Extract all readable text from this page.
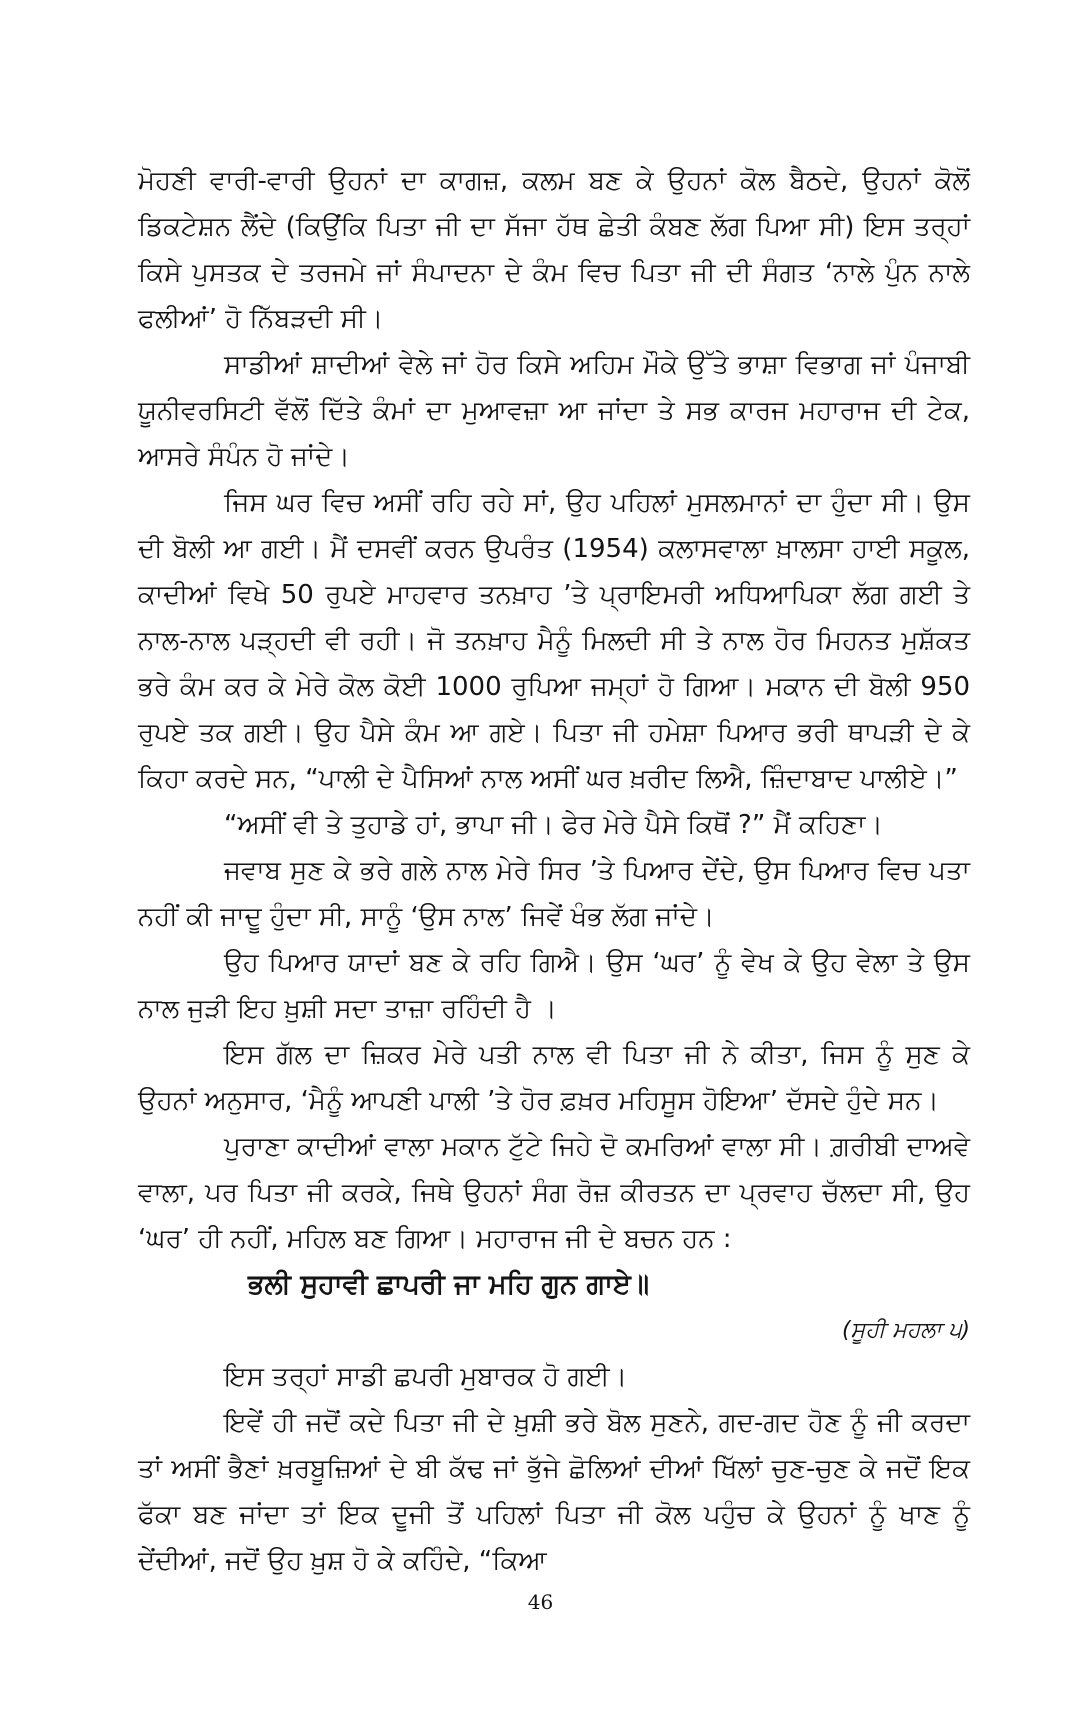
ਮੋਹਣੀ ਵਾਰੀ-ਵਾਰੀ ਉਹਨਾਂ ਦਾ ਕਾਗਜ਼, ਕਲਮ ਬਣ ਕੇ ਉਹਨਾਂ ਕੋਲ ਬੈਠਦੇ, ਉਹਨਾਂ ਕੋਲੋਂ ਡਿਕਟੇਸ਼ਨ ਲੈਂਦੇ (ਕਿਉਂਕਿ ਪਿਤਾ ਜੀ ਦਾ ਸੱਜਾ ਹੱਥ ਛੇਤੀ ਕੰਬਣ ਲੱਗ ਪਿਆ ਸੀ) ਇਸ ਤਰ੍ਹਾਂ ਕਿਸੇ ਪੁਸਤਕ ਦੇ ਤਰਜਮੇ ਜਾਂ ਸੰਪਾਦਨਾ ਦੇ ਕੰਮ ਵਿਚ ਪਿਤਾ ਜੀ ਦੀ ਸੰਗਤ ‘ਨਾਲੇ ਪੁੰਨ ਨਾਲੇ ਫਲੀਆਂ’ ਹੋ ਨਿੱਬੜਦੀ ਸੀ।

ਸਾਡੀਆਂ ਸ਼ਾਦੀਆਂ ਵੇਲੇ ਜਾਂ ਹੋਰ ਕਿਸੇ ਅਹਿਮ ਮੌਕੇ ਉੱਤੇ ਭਾਸ਼ਾ ਵਿਭਾਗ ਜਾਂ ਪੰਜਾਬੀ ਯੂਨੀਵਰਸਿਟੀ ਵੱਲੋਂ ਦਿੱਤੇ ਕੰਮਾਂ ਦਾ ਮੁਆਵਜ਼ਾ ਆ ਜਾਂਦਾ ਤੇ ਸਭ ਕਾਰਜ ਮਹਾਰਾਜ ਦੀ ਟੇਕ, ਆਸਰੇ ਸੰਪੰਨ ਹੋ ਜਾਂਦੇ।

ਜਿਸ ਘਰ ਵਿਚ ਅਸੀਂ ਰਹਿ ਰਹੇ ਸਾਂ, ਉਹ ਪਹਿਲਾਂ ਮੁਸਲਮਾਨਾਂ ਦਾ ਹੁੰਦਾ ਸੀ। ਉਸ ਦੀ ਬੋਲੀ ਆ ਗਈ। ਮੈਂ ਦਸਵੀਂ ਕਰਨ ਉਪਰੰਤ (1954) ਕਲਾਸਵਾਲਾ ਖ਼ਾਲਸਾ ਹਾਈ ਸਕੂਲ, ਕਾਦੀਆਂ ਵਿਖੇ 50 ਰੁਪਏ ਮਾਹਵਾਰ ਤਨਖ਼ਾਹ ’ਤੇ ਪ੍ਰਾਇਮਰੀ ਅਧਿਆਪਿਕਾ ਲੱਗ ਗਈ ਤੇ ਨਾਲ-ਨਾਲ ਪੜ੍ਹਦੀ ਵੀ ਰਹੀ। ਜੋ ਤਨਖ਼ਾਹ ਮੈਨੂੰ ਮਿਲਦੀ ਸੀ ਤੇ ਨਾਲ ਹੋਰ ਮਿਹਨਤ ਮੁਸ਼ੱਕਤ ਭਰੇ ਕੰਮ ਕਰ ਕੇ ਮੇਰੇ ਕੋਲ ਕੋਈ 1000 ਰੁਪਿਆ ਜਮ੍ਹਾਂ ਹੋ ਗਿਆ। ਮਕਾਨ ਦੀ ਬੋਲੀ 950 ਰੁਪਏ ਤਕ ਗਈ। ਉਹ ਪੈਸੇ ਕੰਮ ਆ ਗਏ। ਪਿਤਾ ਜੀ ਹਮੇਸ਼ਾ ਪਿਆਰ ਭਰੀ ਥਾਪੜੀ ਦੇ ਕੇ ਕਿਹਾ ਕਰਦੇ ਸਨ, “ਪਾਲੀ ਦੇ ਪੈਸਿਆਂ ਨਾਲ ਅਸੀਂ ਘਰ ਖ਼ਰੀਦ ਲਿਐ, ਜ਼ਿੰਦਾਬਾਦ ਪਾਲੀਏ।”

“ਅਸੀਂ ਵੀ ਤੇ ਤੁਹਾਡੇ ਹਾਂ, ਭਾਪਾ ਜੀ। ਫੇਰ ਮੇਰੇ ਪੈਸੇ ਕਿਥੋਂ ?” ਮੈਂ ਕਹਿਣਾ।

ਜਵਾਬ ਸੁਣ ਕੇ ਭਰੇ ਗਲੇ ਨਾਲ ਮੇਰੇ ਸਿਰ ’ਤੇ ਪਿਆਰ ਦੇਂਦੇ, ਉਸ ਪਿਆਰ ਵਿਚ ਪਤਾ ਨਹੀਂ ਕੀ ਜਾਦੂ ਹੁੰਦਾ ਸੀ, ਸਾਨੂੰ ‘ਉਸ ਨਾਲ’ ਜਿਵੇਂ ਖੰਭ ਲੱਗ ਜਾਂਦੇ।

ਉਹ ਪਿਆਰ ਯਾਦਾਂ ਬਣ ਕੇ ਰਹਿ ਗਿਐ। ਉਸ ‘ਘਰ’ ਨੂੰ ਵੇਖ ਕੇ ਉਹ ਵੇਲਾ ਤੇ ਉਸ ਨਾਲ ਜੁੜੀ ਇਹ ਖ਼ੁਸ਼ੀ ਸਦਾ ਤਾਜ਼ਾ ਰਹਿੰਦੀ ਹੈ ।

ਇਸ ਗੱਲ ਦਾ ਜ਼ਿਕਰ ਮੇਰੇ ਪਤੀ ਨਾਲ ਵੀ ਪਿਤਾ ਜੀ ਨੇ ਕੀਤਾ, ਜਿਸ ਨੂੰ ਸੁਣ ਕੇ ਉਹਨਾਂ ਅਨੁਸਾਰ, ‘ਮੈਨੂੰ ਆਪਣੀ ਪਾਲੀ ’ਤੇ ਹੋਰ ਫ਼ਖ਼ਰ ਮਹਿਸੂਸ ਹੋਇਆ’ ਦੱਸਦੇ ਹੁੰਦੇ ਸਨ।

ਪੁਰਾਣਾ ਕਾਦੀਆਂ ਵਾਲਾ ਮਕਾਨ ਟੁੱਟੇ ਜਿਹੇ ਦੋ ਕਮਰਿਆਂ ਵਾਲਾ ਸੀ। ਗ਼ਰੀਬੀ ਦਾਅਵੇ ਵਾਲਾ, ਪਰ ਪਿਤਾ ਜੀ ਕਰਕੇ, ਜਿਥੇ ਉਹਨਾਂ ਸੰਗ ਰੋਜ਼ ਕੀਰਤਨ ਦਾ ਪ੍ਰਵਾਹ ਚੱਲਦਾ ਸੀ, ਉਹ ‘ਘਰ’ ਹੀ ਨਹੀਂ, ਮਹਿਲ ਬਣ ਗਿਆ। ਮਹਾਰਾਜ ਜੀ ਦੇ ਬਚਨ ਹਨ :

ਭਲੀ ਸੁਹਾਵੀ ਛਾਪਰੀ ਜਾ ਮਹਿ ਗੁਨ ਗਾਏ॥

(ਸੂਹੀ ਮਹਲਾ ੫)

ਇਸ ਤਰ੍ਹਾਂ ਸਾਡੀ ਛਪਰੀ ਮੁਬਾਰਕ ਹੋ ਗਈ।

ਇਵੇਂ ਹੀ ਜਦੋਂ ਕਦੇ ਪਿਤਾ ਜੀ ਦੇ ਖ਼ੁਸ਼ੀ ਭਰੇ ਬੋਲ ਸੁਣਨੇ, ਗਦ-ਗਦ ਹੋਣ ਨੂੰ ਜੀ ਕਰਦਾ ਤਾਂ ਅਸੀਂ ਭੈਣਾਂ ਖ਼ਰਬੂਜ਼ਿਆਂ ਦੇ ਬੀ ਕੱਢ ਜਾਂ ਭੁੱਜੇ ਛੋਲਿਆਂ ਦੀਆਂ ਖਿੱਲਾਂ ਚੁਣ-ਚੁਣ ਕੇ ਜਦੋਂ ਇਕ ਫੱਕਾ ਬਣ ਜਾਂਦਾ ਤਾਂ ਇਕ ਦੂਜੀ ਤੋਂ ਪਹਿਲਾਂ ਪਿਤਾ ਜੀ ਕੋਲ ਪਹੁੰਚ ਕੇ ਉਹਨਾਂ ਨੂੰ ਖਾਣ ਨੂੰ ਦੇਂਦੀਆਂ, ਜਦੋਂ ਉਹ ਖ਼ੁਸ਼ ਹੋ ਕੇ ਕਹਿੰਦੇ, “ਕਿਆ

46
